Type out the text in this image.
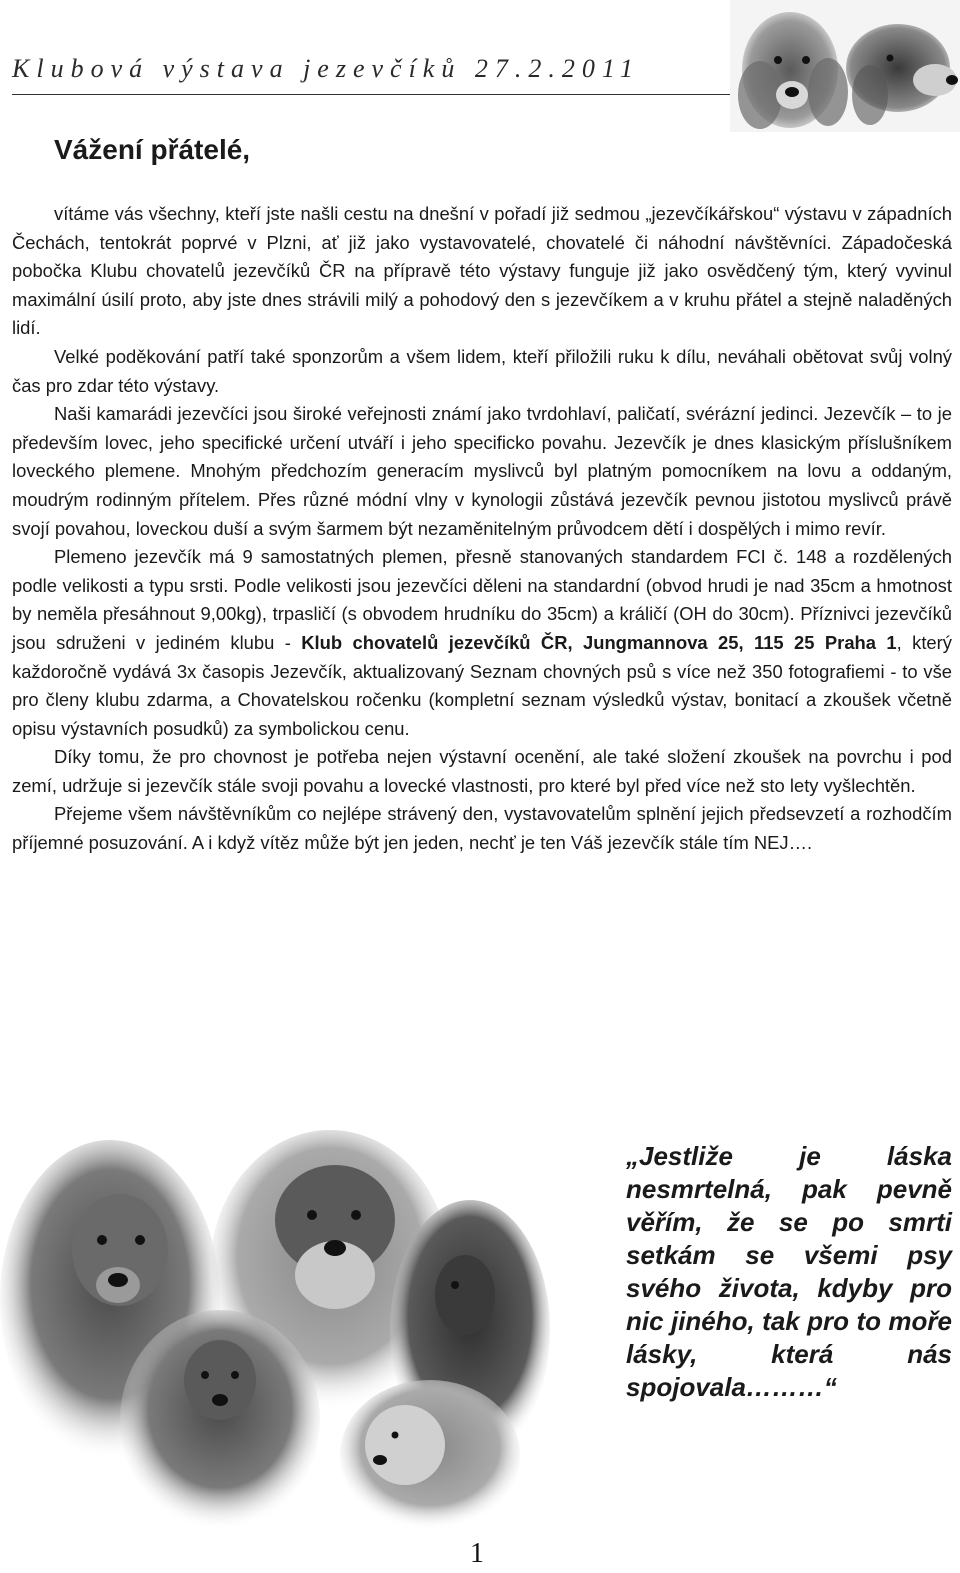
Klubová výstava jezevčíků 27.2.2011
Vážení přátelé,

vítáme vás všechny, kteří jste našli cestu na dnešní v pořadí již sedmou „jezevčíkářskou“ výstavu v západních Čechách, tentokrát poprvé v Plzni, ať již jako vystavovatelé, chovatelé či náhodní návštěvníci. Západočeská pobočka Klubu chovatelů jezevčíků ČR na přípravě této výstavy funguje již jako osvědčený tým, který vyvinul maximální úsilí proto, aby jste dnes strávili milý a pohodový den s jezevčíkem a v kruhu přátel a stejně naladěných lidí.

Velké poděkování patří také sponzorům a všem lidem, kteří přiložili ruku k dílu, neváhali obětovat svůj volný čas pro zdar této výstavy.

Naši kamarádi jezevčíci jsou široké veřejnosti známí jako tvrdohlaví, paličatí, svérázní jedinci. Jezevčík – to je především lovec, jeho specifické určení utváří i jeho specificko povahu. Jezevčík je dnes klasickým příslušníkem loveckého plemene. Mnohým předchozím generacím myslivců byl platným pomocníkem na lovu a oddaným, moudrým rodinným přítelem. Přes různé módní vlny v kynologii zůstává jezevčík pevnou jistotou myslivců právě svojí povahou, loveckou duší a svým šarmem být nezaměnitelným průvodcem dětí i dospělých i mimo revír.

Plemeno jezevčík má 9 samostatných plemen, přesně stanovaných standardem FCI č. 148 a rozdělených podle velikosti a typu srsti. Podle velikosti jsou jezevčíci děleni na standardní (obvod hrudi je nad 35cm a hmotnost by neměla přesáhnout 9,00kg), trpasličí (s obvodem hrudníku do 35cm) a králičí (OH do 30cm). Příznivci jezevčíků jsou sdruženi v jediném klubu - Klub chovatelů jezevčíků ČR, Jungmannova 25, 115 25 Praha 1, který každoročně vydává 3x časopis Jezevčík, aktualizovaný Seznam chovných psů s více než 350 fotografiemi - to vše pro členy klubu zdarma, a Chovatelskou ročenku (kompletní seznam výsledků výstav, bonitací a zkoušek včetně opisu výstavních posudků) za symbolickou cenu.

Díky tomu, že pro chovnost je potřeba nejen výstavní ocenění, ale také složení zkoušek na povrchu i pod zemí, udržuje si jezevčík stále svoji povahu a lovecké vlastnosti, pro které byl před více než sto lety vyšlechtěn.

Přejeme všem návštěvníkům co nejlépe strávený den, vystavovatelům splnění jejich předsevzetí a rozhodčím příjemné posuzování. A i když vítěz může být jen jeden, nechť je ten Váš jezevčík stále tím NEJ….

„Jestliže je láska nesmrtelná, pak pevně věřím, že se po smrti setkám se všemi psy svého života, kdyby pro nic jiného, tak pro to moře lásky, která nás spojovala………“
1
